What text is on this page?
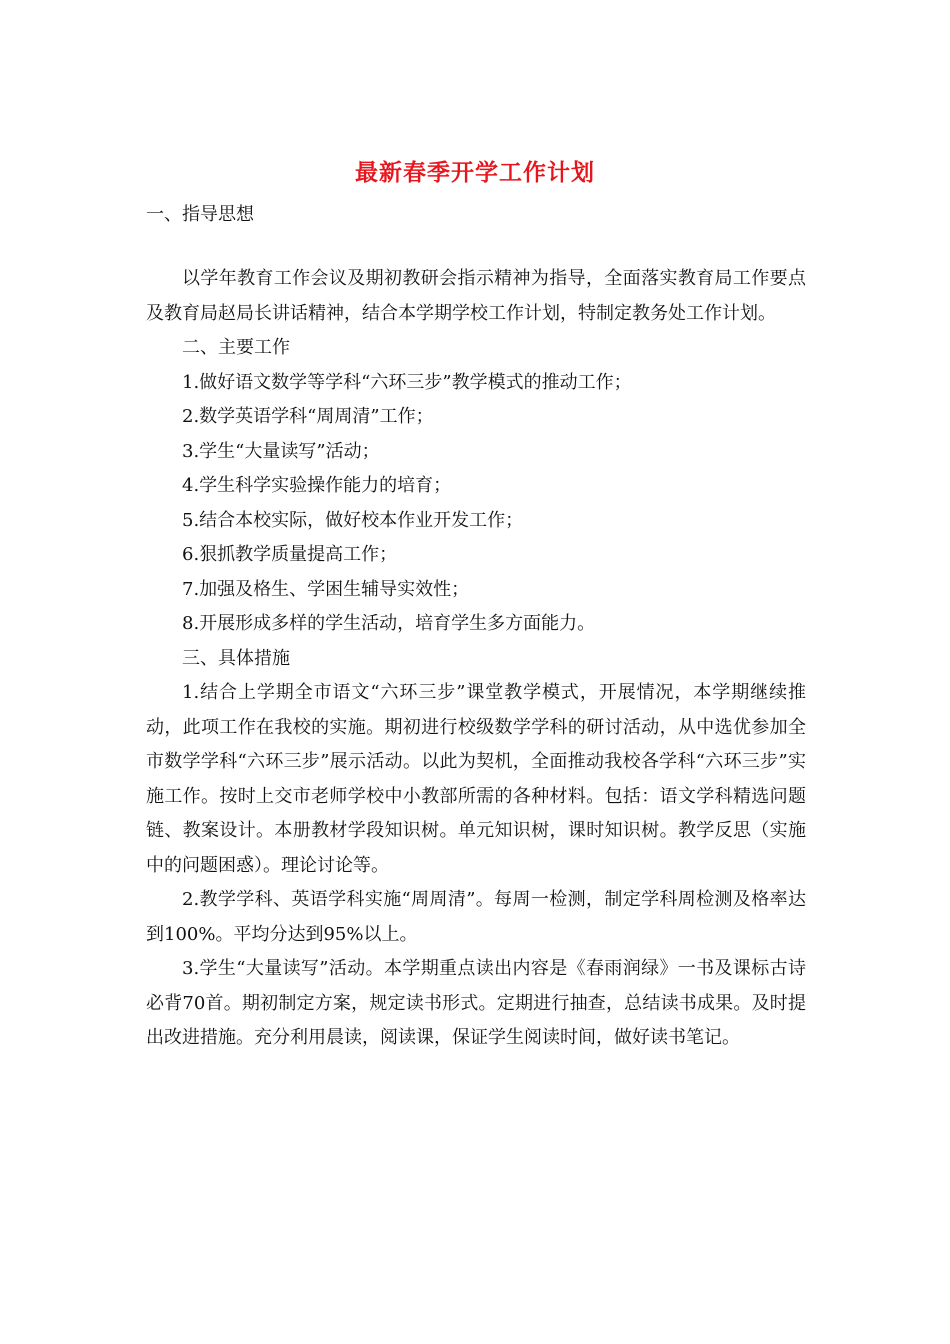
最新春季开学工作计划
一、指导思想

以学年教育工作会议及期初教研会指示精神为指导，全面落实教育局工作要点及教育局赵局长讲话精神，结合本学期学校工作计划，特制定教务处工作计划。

二、主要工作

1.做好语文数学等学科“六环三步”教学模式的推动工作；

2.数学英语学科“周周清”工作；

3.学生“大量读写”活动；

4.学生科学实验操作能力的培育；

5.结合本校实际，做好校本作业开发工作；

6.狠抓教学质量提高工作；

7.加强及格生、学困生辅导实效性；

8.开展形成多样的学生活动，培育学生多方面能力。

三、具体措施

1.结合上学期全市语文“六环三步”课堂教学模式，开展情况，本学期继续推动，此项工作在我校的实施。期初进行校级数学学科的研讨活动，从中选优参加全市数学学科“六环三步”展示活动。以此为契机，全面推动我校各学科“六环三步”实施工作。按时上交市老师学校中小教部所需的各种材料。包括：语文学科精选问题链、教案设计。本册教材学段知识树。单元知识树，课时知识树。教学反思（实施中的问题困惑）。理论讨论等。

2.教学学科、英语学科实施“周周清”。每周一检测，制定学科周检测及格率达到100%。平均分达到95%以上。

3.学生“大量读写”活动。本学期重点读出内容是《春雨润绿》一书及课标古诗必背70首。期初制定方案，规定读书形式。定期进行抽查，总结读书成果。及时提出改进措施。充分利用晨读，阅读课，保证学生阅读时间，做好读书笔记。
